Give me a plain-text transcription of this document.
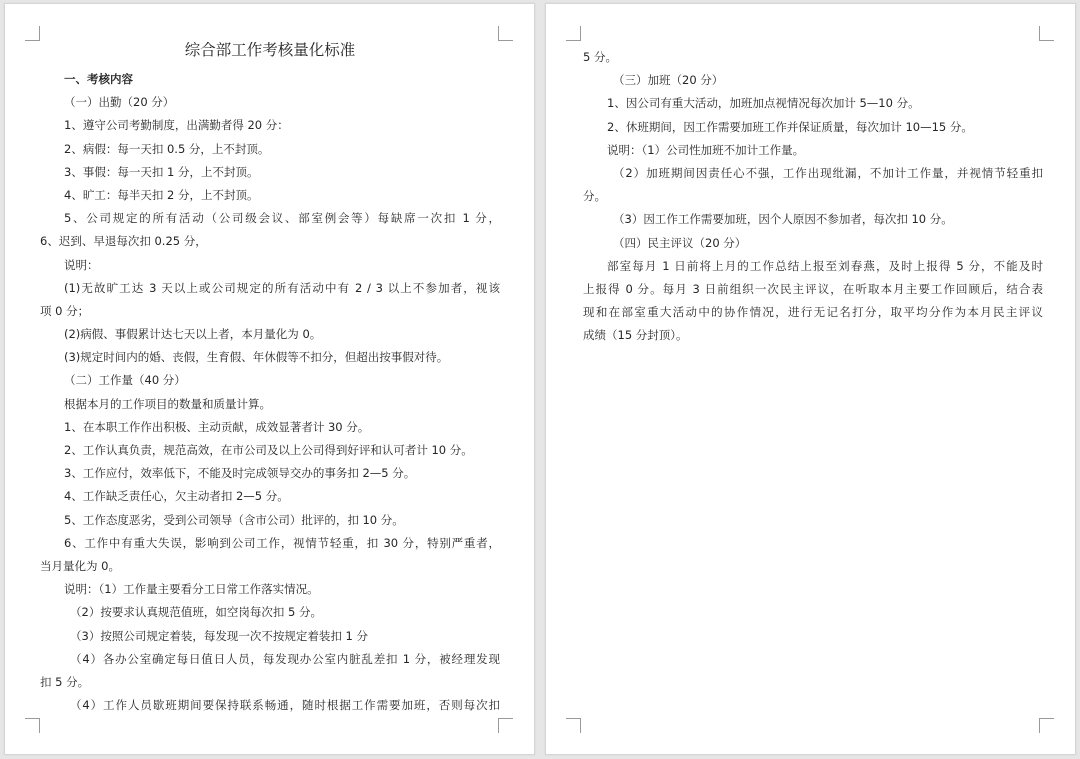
综合部工作考核量化标准
一、考核内容
（一）出勤（20 分）
1、遵守公司考勤制度，出满勤者得 20 分：
2、病假：每一天扣 0.5 分，上不封顶。
3、事假：每一天扣 1 分，上不封顶。
4、旷工：每半天扣 2 分，上不封顶。
5、公司规定的所有活动（公司级会议、部室例会等）每缺席一次扣 1 分，
6、迟到、早退每次扣 0.25 分，
说明：
(1)无故旷工达 3 天以上或公司规定的所有活动中有 2 / 3 以上不参加者，视该
项 0 分；
(2)病假、事假累计达七天以上者，本月量化为 0。
(3)规定时间内的婚、丧假，生育假、年休假等不扣分，但超出按事假对待。
（二）工作量（40 分）
根据本月的工作项目的数量和质量计算。
1、在本职工作作出积极、主动贡献，成效显著者计 30 分。
2、工作认真负责，规范高效，在市公司及以上公司得到好评和认可者计 10 分。
3、工作应付，效率低下，不能及时完成领导交办的事务扣 2—5 分。
4、工作缺乏责任心，欠主动者扣 2—5 分。
5、工作态度恶劣，受到公司领导（含市公司）批评的，扣 10 分。
6、工作中有重大失误，影响到公司工作，视情节轻重，扣 30 分，特别严重者，
当月量化为 0。
说明：（1）工作量主要看分工日常工作落实情况。
（2）按要求认真规范值班，如空岗每次扣 5 分。
（3）按照公司规定着装，每发现一次不按规定着装扣 1 分
（4）各办公室确定每日值日人员，每发现办公室内脏乱差扣 1 分，被经理发现
扣 5 分。
（4）工作人员歇班期间要保持联系畅通，随时根据工作需要加班，否则每次扣
5 分。
（三）加班（20 分）
1、因公司有重大活动，加班加点视情况每次加计 5—10 分。
2、休班期间，因工作需要加班工作并保证质量，每次加计 10—15 分。
说明：（1）公司性加班不加计工作量。
（2）加班期间因责任心不强，工作出现纰漏，不加计工作量，并视情节轻重扣
分。
（3）因工作工作需要加班，因个人原因不参加者，每次扣 10 分。
（四）民主评议（20 分）
部室每月 1 日前将上月的工作总结上报至刘春燕，及时上报得 5 分，不能及时
上报得 0 分。每月 3 日前组织一次民主评议，在听取本月主要工作回顾后，结合表
现和在部室重大活动中的协作情况，进行无记名打分，取平均分作为本月民主评议
成绩（15 分封顶）。
